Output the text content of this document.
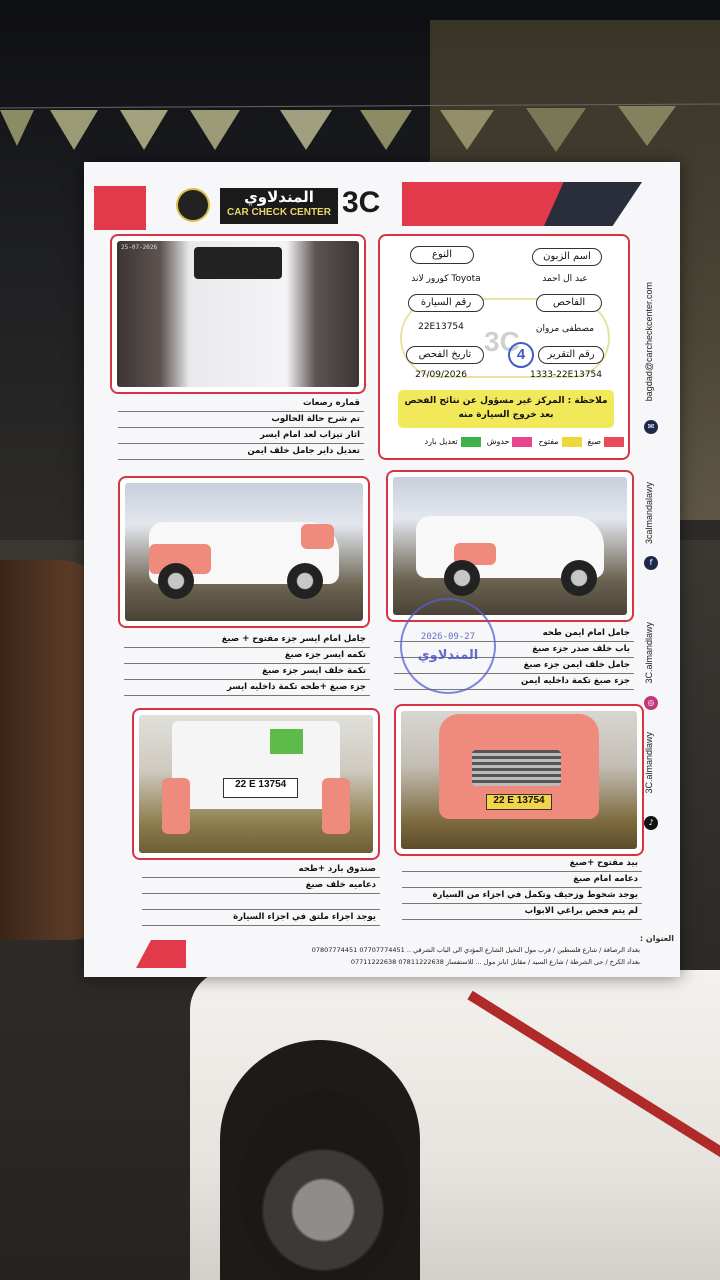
المندلاوي
CAR CHECK CENTER 3C
25-07-2026
3C
4
اسم الزبون
النوع
عبد ال احمد
كورور لاند Toyota
الفاحص
رقم السيارة
مصطفى مروان
22E13754
رقم التقرير
تاريخ الفحص
1333-22E13754
27/09/2026
ملاحظة : المركز غير مسؤول عن نتائج الفحص بعد خروج السيارة منه
صبغ
مفتوح
حدوش
تعديل بارد
قماره رصعات
تم شرح حالة الحالوب
اثار تيزاب لعد امام ايسر
تعديل داير جامل خلف ايمن
جامل امام ايسر جزء مفتوح + صبغ
تكمه ايسر جزء صبغ
تكمة خلف ايسر جزء صبغ
جزء صبغ +طحه تكمة داخليه ايسر
جامل امام ايمن طحه
باب خلف صدر جزء صبغ
جامل خلف ايمن جزء صبغ
جزء صبغ تكمة داخليه ايمن
2026-09-27
المندلاوي
22 E 13754
22 E 13754
صندوق بارد +طحه
دعاميه خلف صبغ
يوجد اجزاء ملتق في اجزاء السيارة
بيد مفتوح +صبغ
دعامه امام صبغ
يوجد شخوط وزحيف وتكمل في اجزاء من السيارة
لم يتم فحص براغي الابواب
bagdad@carcheckcenter.com
✉
3calmandalawy
f
3C.almandlawy
◎
3C.almandlawy
♪
العنوان :
بغداد الرصافة / شارع فلسطين / قرب مول النخيل الشارع المؤدي الى الباب الشرقي .. 07707774451 07807774451
بغداد الكرخ / حي الشرطة / شارع السيد / مقابل ابانز مول ... للاستفسار 07811222638 07711222638
